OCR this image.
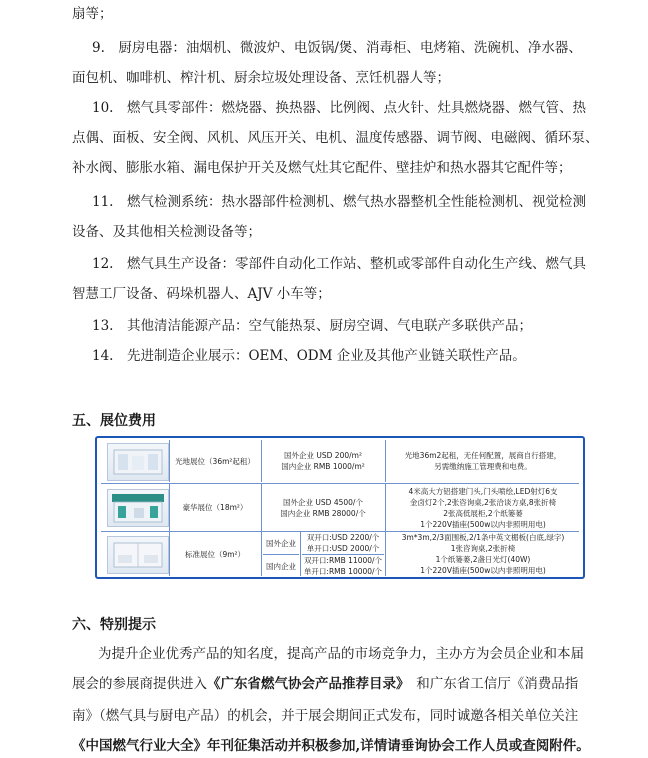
扇等；
9.　厨房电器：油烟机、微波炉、电饭锅/煲、消毒柜、电烤箱、洗碗机、净水器、
面包机、咖啡机、榨汁机、厨余垃圾处理设备、烹饪机器人等；
10.　燃气具零部件：燃烧器、换热器、比例阀、点火针、灶具燃烧器、燃气管、热
点偶、面板、安全阀、风机、风压开关、电机、温度传感器、调节阀、电磁阀、循环泵、
补水阀、膨胀水箱、漏电保护开关及燃气灶其它配件、壁挂炉和热水器其它配件等；
11.　燃气检测系统：热水器部件检测机、燃气热水器整机全性能检测机、视觉检测
设备、及其他相关检测设备等；
12.　燃气具生产设备：零部件自动化工作站、整机或零部件自动化生产线、燃气具
智慧工厂设备、码垛机器人、AJV 小车等；
13.　其他清洁能源产品：空气能热泵、厨房空调、气电联产多联供产品；
14.　先进制造企业展示：OEM、ODM 企业及其他产业链关联性产品。
五、展位费用
光地展位（36m²起租）
国外企业 USD 200/m²
国内企业 RMB 1000/m²
光地36m2起租，无任何配置，展商自行搭建，
另需缴纳施工管理费和电费。
豪华展位（18m²）
国外企业 USD 4500/个
国内企业 RMB 28000/个
4米高大方铝搭建门头,门头喷绘,LED射灯6支
金卤灯2个,2张咨询桌,2张洽谈方桌,8张折椅
2张高低展柜,2个纸篓蒌
1个220V插座(500w以内非照明用电)
标准展位（9m²）
国外企业
国内企业
双开口:USD 2200/个
单开口:USD 2000/个
双开口:RMB 11000/个
单开口:RMB 10000/个
3m*3m,2/3面围板,2/1条中英文楣板(白底,绿字)
1张咨询桌,2张折椅
1个纸篓蒌,2盏日光灯(40W)
1个220V插座(500w以内非照明用电)
六、特别提示
为提升企业优秀产品的知名度，提高产品的市场竞争力，主办方为会员企业和本届
展会的参展商提供进入《广东省燃气协会产品推荐目录》　 和广东省工信厅《消费品指
南》（燃气具与厨电产品）的机会，并于展会期间正式发布，同时诚邀各相关单位关注
《中国燃气行业大全》年刊征集活动并积极参加,详情请垂询协会工作人员或查阅附件。
